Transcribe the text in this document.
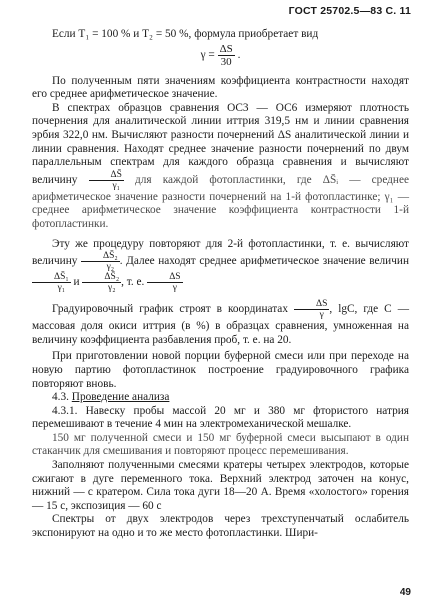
ГОСТ 25702.5—83 С. 11

Если T₁ = 100 % и T₂ = 50 %, формула приобретает вид

$\gamma = \frac{\Delta S}{30}$ .

По полученным пяти значениям коэффициента контрастности находят его среднее арифметическое значение.

В спектрах образцов сравнения ОС3 — ОС6 измеряют плотность почернения для аналитической линии иттрия 319,5 нм и линии сравнения эрбия 322,0 нм. Вычисляют разности почернений ΔS аналитической линии и линии сравнения. Находят среднее значение разности почернений по двум параллельным спектрам для каждого образца сравнения и вычисляют величину $\frac{\Delta S̄}{\text{γ₁}}$ для каждой фотопластинки, где ΔS̄ᵢ — среднее арифметическое значение разности почернений на 1-й фотопластинке; γ₁ — среднее арифметическое значение коэффициента контрастности 1-й фотопластинки.

Эту же процедуру повторяют для 2-й фотопластинки, т. е. вычисляют величину $\frac{\text{ΔS̄₂}}{\text{γ₂}}$ . Далее находят среднее арифметическое значение величин
$\frac{\text{ΔS̄₁}}{\text{γ₁}}$ и $\frac{\text{ΔS̄₂}}{\text{γ₂}}$ , т. е. $\frac{\Delta S}{\gamma}$

Градуировочный график строят в координатах $\frac{\Delta S}{\gamma}$ , lgC, где C — массовая доля окиси иттрия (в %) в образцах сравнения, умноженная на величину коэффициента разбавления проб, т. е. на 20.

При приготовлении новой порции буферной смеси или при переходе на новую партию фотопластинок построение градуировочного графика повторяют вновь.

4.3. Проведение анализа

4.3.1. Навеску пробы массой 20 мг и 380 мг фтористого натрия перемешивают в течение 4 мин на электромеханической мешалке.

150 мг полученной смеси и 150 мг буферной смеси высыпают в один стаканчик для смешивания и повторяют процесс перемешивания.

Заполняют полученными смесями кратеры четырех электродов, которые сжигают в дуге переменного тока. Верхний электрод заточен на конус, нижний — с кратером. Сила тока дуги 18—20 А. Время «холостого» горения — 15 с, экспозиция — 60 с

Спектры от двух электродов через трехступенчатый ослабитель экспонируют на одно и то же место фотопластинки. Шири-

49
